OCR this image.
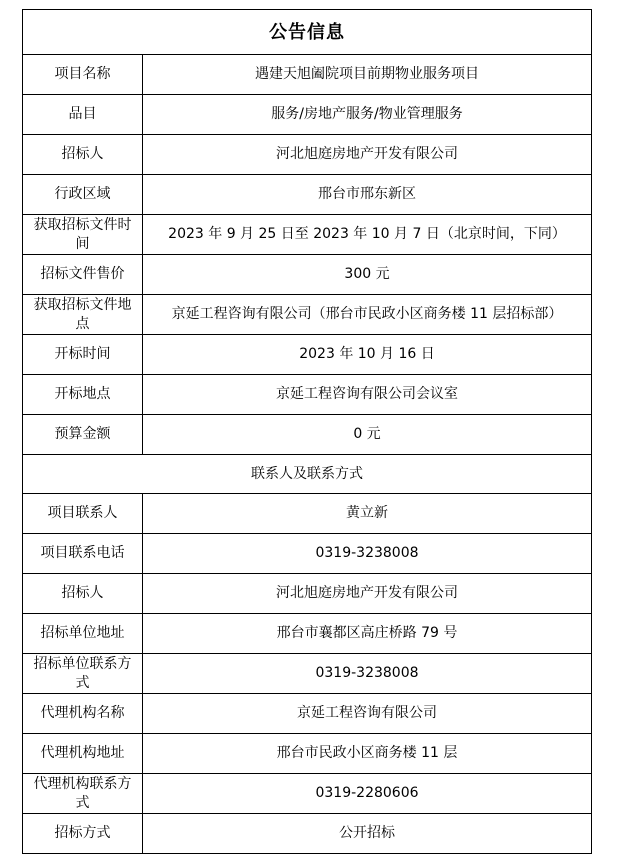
公告信息	
项目名称	遇建天旭阖院项目前期物业服务项目
品目	服务/房地产服务/物业管理服务
招标人	河北旭庭房地产开发有限公司
行政区域	邢台市邢东新区
获取招标文件时间	2023 年 9 月 25 日至 2023 年 10 月 7 日（北京时间，下同）
招标文件售价	300 元
获取招标文件地点	京延工程咨询有限公司（邢台市民政小区商务楼 11 层招标部）
开标时间	2023 年 10 月 16 日
开标地点	京延工程咨询有限公司会议室
预算金额	0 元
联系人及联系方式	
项目联系人	黄立新
项目联系电话	0319-3238008
招标人	河北旭庭房地产开发有限公司
招标单位地址	邢台市襄都区高庄桥路 79 号
招标单位联系方式	0319-3238008
代理机构名称	京延工程咨询有限公司
代理机构地址	邢台市民政小区商务楼 11 层
代理机构联系方式	0319-2280606
招标方式	公开招标
